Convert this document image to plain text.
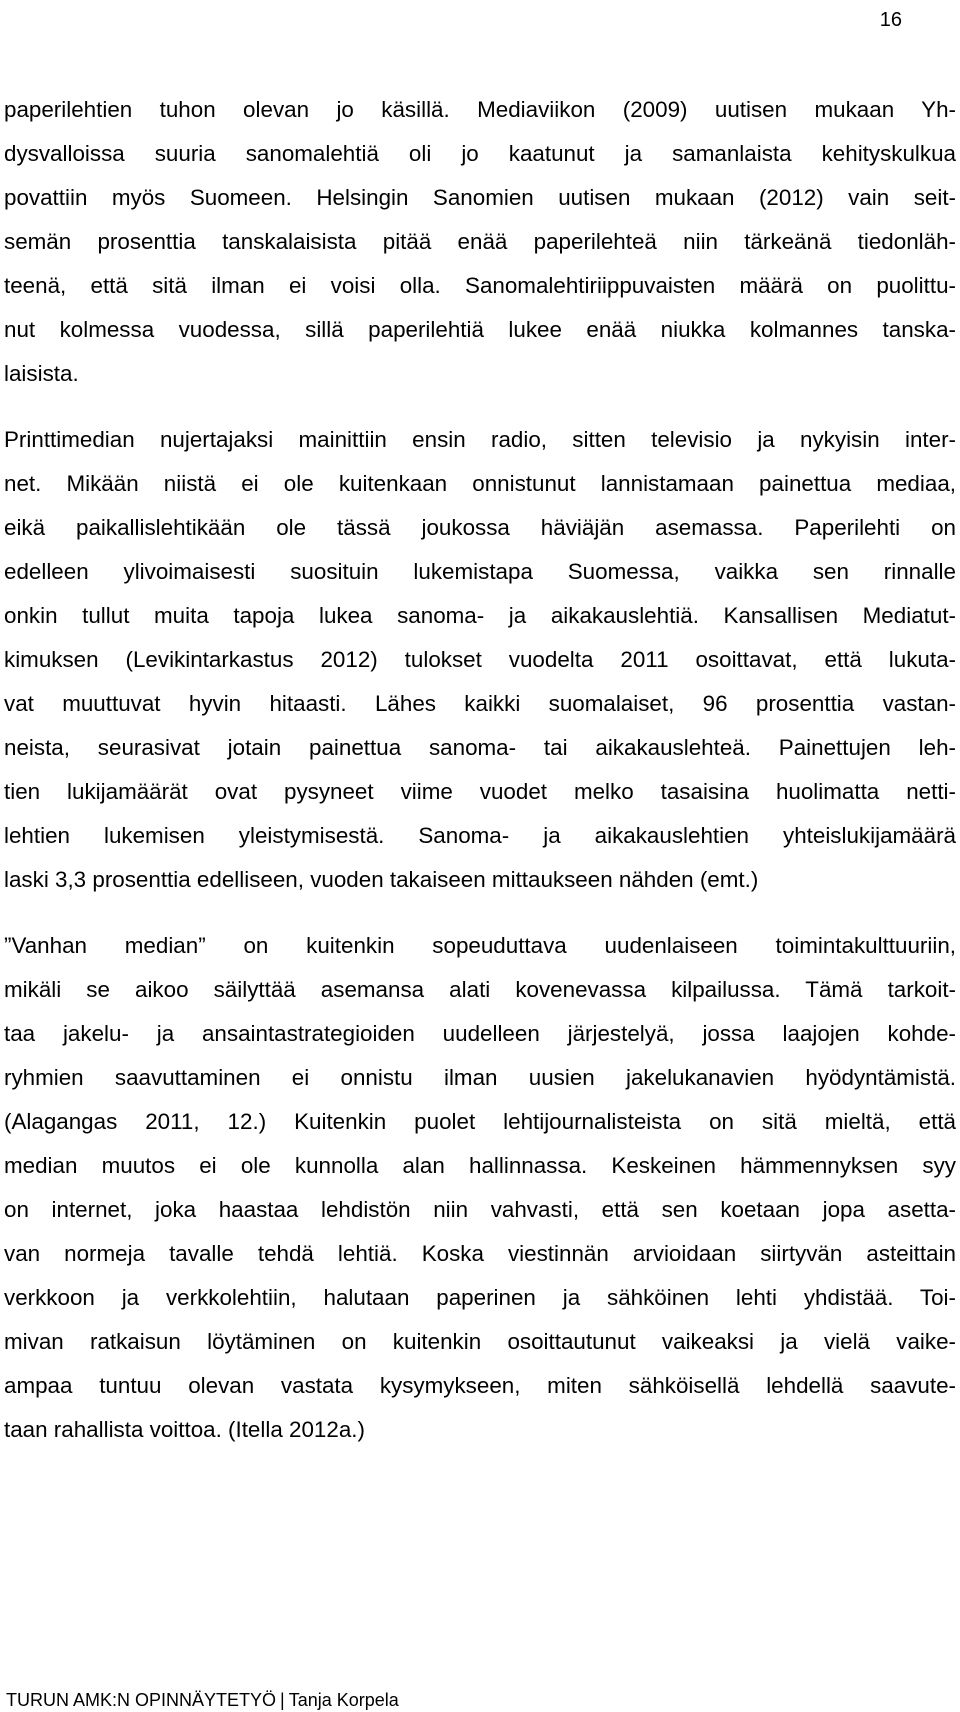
16
paperilehtien tuhon olevan jo käsillä. Mediaviikon (2009) uutisen mukaan Yh-
dysvalloissa suuria sanomalehtiä oli jo kaatunut ja samanlaista kehityskulkua
povattiin myös Suomeen. Helsingin Sanomien uutisen mukaan (2012) vain seit-
semän prosenttia tanskalaisista pitää enää paperilehteä niin tärkeänä tiedonläh-
teenä, että sitä ilman ei voisi olla. Sanomalehtiriippuvaisten määrä on puolittu-
nut kolmessa vuodessa, sillä paperilehtiä lukee enää niukka kolmannes tanska-
laisista.
Printtimedian nujertajaksi mainittiin ensin radio, sitten televisio ja nykyisin inter-
net. Mikään niistä ei ole kuitenkaan onnistunut lannistamaan painettua mediaa,
eikä paikallislehtikään ole tässä joukossa häviäjän asemassa. Paperilehti on
edelleen ylivoimaisesti suosituin lukemistapa Suomessa, vaikka sen rinnalle
onkin tullut muita tapoja lukea sanoma- ja aikakauslehtiä. Kansallisen Mediatut-
kimuksen (Levikintarkastus 2012) tulokset vuodelta 2011 osoittavat, että lukuta-
vat muuttuvat hyvin hitaasti. Lähes kaikki suomalaiset, 96 prosenttia vastan-
neista, seurasivat jotain painettua sanoma- tai aikakauslehteä. Painettujen leh-
tien lukijamäärät ovat pysyneet viime vuodet melko tasaisina huolimatta netti-
lehtien lukemisen yleistymisestä. Sanoma- ja aikakauslehtien yhteislukijamäärä
laski 3,3 prosenttia edelliseen, vuoden takaiseen mittaukseen nähden (emt.)
”Vanhan median” on kuitenkin sopeuduttava uudenlaiseen toimintakulttuuriin,
mikäli se aikoo säilyttää asemansa alati kovenevassa kilpailussa. Tämä tarkoit-
taa jakelu- ja ansaintastrategioiden uudelleen järjestelyä, jossa laajojen kohde-
ryhmien saavuttaminen ei onnistu ilman uusien jakelukanavien hyödyntämistä.
(Alagangas 2011, 12.) Kuitenkin puolet lehtijournalisteista on sitä mieltä, että
median muutos ei ole kunnolla alan hallinnassa. Keskeinen hämmennyksen syy
on internet, joka haastaa lehdistön niin vahvasti, että sen koetaan jopa asetta-
van normeja tavalle tehdä lehtiä. Koska viestinnän arvioidaan siirtyvän asteittain
verkkoon ja verkkolehtiin, halutaan paperinen ja sähköinen lehti yhdistää. Toi-
mivan ratkaisun löytäminen on kuitenkin osoittautunut vaikeaksi ja vielä vaike-
ampaa tuntuu olevan vastata kysymykseen, miten sähköisellä lehdellä saavute-
taan rahallista voittoa. (Itella 2012a.)
TURUN AMK:N OPINNÄYTETYÖ | Tanja Korpela
